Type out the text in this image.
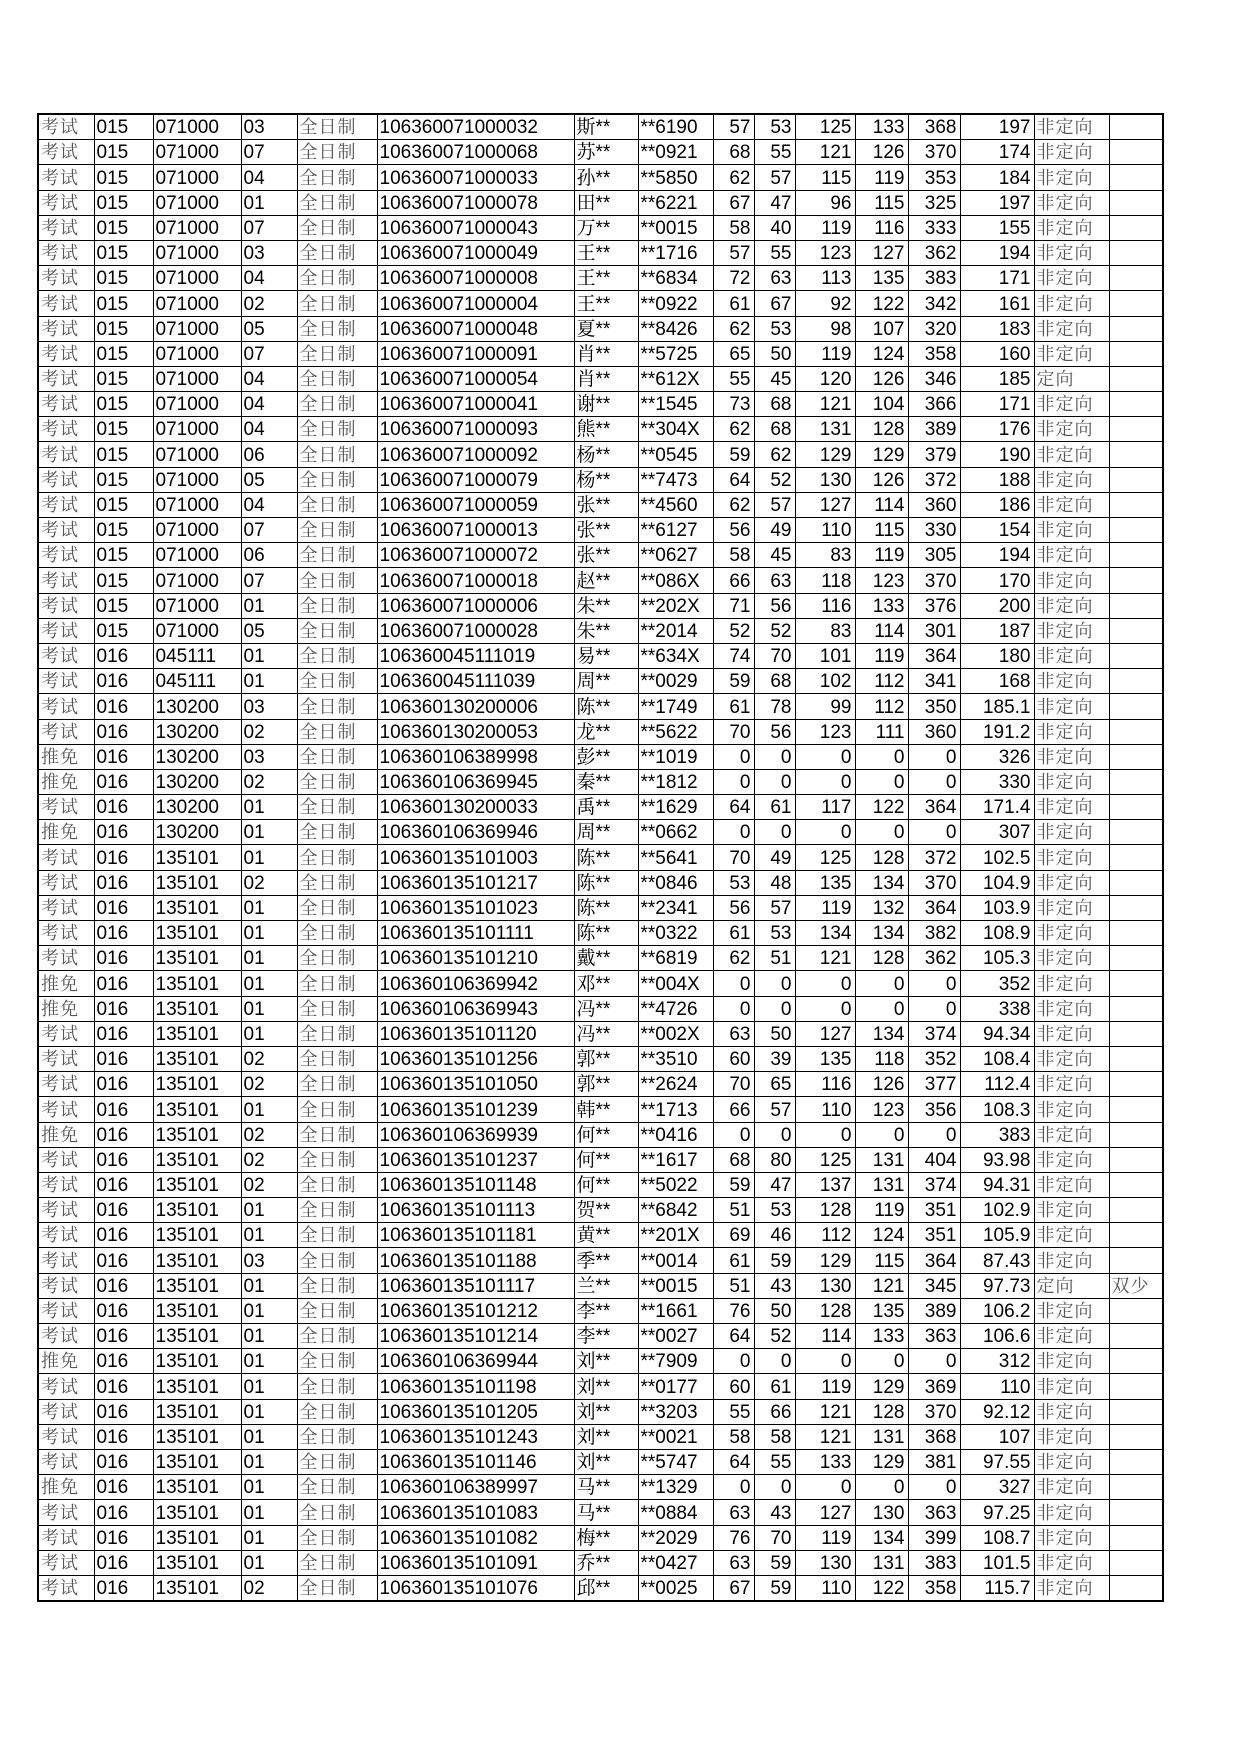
考试	015	071000	03	全日制	106360071000032	斯**	**6190	57	53	125	133	368	197	非定向	
考试	015	071000	07	全日制	106360071000068	苏**	**0921	68	55	121	126	370	174	非定向	
考试	015	071000	04	全日制	106360071000033	孙**	**5850	62	57	115	119	353	184	非定向	
考试	015	071000	01	全日制	106360071000078	田**	**6221	67	47	96	115	325	197	非定向	
考试	015	071000	07	全日制	106360071000043	万**	**0015	58	40	119	116	333	155	非定向	
考试	015	071000	03	全日制	106360071000049	王**	**1716	57	55	123	127	362	194	非定向	
考试	015	071000	04	全日制	106360071000008	王**	**6834	72	63	113	135	383	171	非定向	
考试	015	071000	02	全日制	106360071000004	王**	**0922	61	67	92	122	342	161	非定向	
考试	015	071000	05	全日制	106360071000048	夏**	**8426	62	53	98	107	320	183	非定向	
考试	015	071000	07	全日制	106360071000091	肖**	**5725	65	50	119	124	358	160	非定向	
考试	015	071000	04	全日制	106360071000054	肖**	**612X	55	45	120	126	346	185	定向	
考试	015	071000	04	全日制	106360071000041	谢**	**1545	73	68	121	104	366	171	非定向	
考试	015	071000	04	全日制	106360071000093	熊**	**304X	62	68	131	128	389	176	非定向	
考试	015	071000	06	全日制	106360071000092	杨**	**0545	59	62	129	129	379	190	非定向	
考试	015	071000	05	全日制	106360071000079	杨**	**7473	64	52	130	126	372	188	非定向	
考试	015	071000	04	全日制	106360071000059	张**	**4560	62	57	127	114	360	186	非定向	
考试	015	071000	07	全日制	106360071000013	张**	**6127	56	49	110	115	330	154	非定向	
考试	015	071000	06	全日制	106360071000072	张**	**0627	58	45	83	119	305	194	非定向	
考试	015	071000	07	全日制	106360071000018	赵**	**086X	66	63	118	123	370	170	非定向	
考试	015	071000	01	全日制	106360071000006	朱**	**202X	71	56	116	133	376	200	非定向	
考试	015	071000	05	全日制	106360071000028	朱**	**2014	52	52	83	114	301	187	非定向	
考试	016	045111	01	全日制	106360045111019	易**	**634X	74	70	101	119	364	180	非定向	
考试	016	045111	01	全日制	106360045111039	周**	**0029	59	68	102	112	341	168	非定向	
考试	016	130200	03	全日制	106360130200006	陈**	**1749	61	78	99	112	350	185.1	非定向	
考试	016	130200	02	全日制	106360130200053	龙**	**5622	70	56	123	111	360	191.2	非定向	
推免	016	130200	03	全日制	106360106389998	彭**	**1019	0	0	0	0	0	326	非定向	
推免	016	130200	02	全日制	106360106369945	秦**	**1812	0	0	0	0	0	330	非定向	
考试	016	130200	01	全日制	106360130200033	禹**	**1629	64	61	117	122	364	171.4	非定向	
推免	016	130200	01	全日制	106360106369946	周**	**0662	0	0	0	0	0	307	非定向	
考试	016	135101	01	全日制	106360135101003	陈**	**5641	70	49	125	128	372	102.5	非定向	
考试	016	135101	02	全日制	106360135101217	陈**	**0846	53	48	135	134	370	104.9	非定向	
考试	016	135101	01	全日制	106360135101023	陈**	**2341	56	57	119	132	364	103.9	非定向	
考试	016	135101	01	全日制	106360135101111	陈**	**0322	61	53	134	134	382	108.9	非定向	
考试	016	135101	01	全日制	106360135101210	戴**	**6819	62	51	121	128	362	105.3	非定向	
推免	016	135101	01	全日制	106360106369942	邓**	**004X	0	0	0	0	0	352	非定向	
推免	016	135101	01	全日制	106360106369943	冯**	**4726	0	0	0	0	0	338	非定向	
考试	016	135101	01	全日制	106360135101120	冯**	**002X	63	50	127	134	374	94.34	非定向	
考试	016	135101	02	全日制	106360135101256	郭**	**3510	60	39	135	118	352	108.4	非定向	
考试	016	135101	02	全日制	106360135101050	郭**	**2624	70	65	116	126	377	112.4	非定向	
考试	016	135101	01	全日制	106360135101239	韩**	**1713	66	57	110	123	356	108.3	非定向	
推免	016	135101	02	全日制	106360106369939	何**	**0416	0	0	0	0	0	383	非定向	
考试	016	135101	02	全日制	106360135101237	何**	**1617	68	80	125	131	404	93.98	非定向	
考试	016	135101	02	全日制	106360135101148	何**	**5022	59	47	137	131	374	94.31	非定向	
考试	016	135101	01	全日制	106360135101113	贺**	**6842	51	53	128	119	351	102.9	非定向	
考试	016	135101	01	全日制	106360135101181	黄**	**201X	69	46	112	124	351	105.9	非定向	
考试	016	135101	03	全日制	106360135101188	季**	**0014	61	59	129	115	364	87.43	非定向	
考试	016	135101	01	全日制	106360135101117	兰**	**0015	51	43	130	121	345	97.73	定向	双少
考试	016	135101	01	全日制	106360135101212	李**	**1661	76	50	128	135	389	106.2	非定向	
考试	016	135101	01	全日制	106360135101214	李**	**0027	64	52	114	133	363	106.6	非定向	
推免	016	135101	01	全日制	106360106369944	刘**	**7909	0	0	0	0	0	312	非定向	
考试	016	135101	01	全日制	106360135101198	刘**	**0177	60	61	119	129	369	110	非定向	
考试	016	135101	01	全日制	106360135101205	刘**	**3203	55	66	121	128	370	92.12	非定向	
考试	016	135101	01	全日制	106360135101243	刘**	**0021	58	58	121	131	368	107	非定向	
考试	016	135101	01	全日制	106360135101146	刘**	**5747	64	55	133	129	381	97.55	非定向	
推免	016	135101	01	全日制	106360106389997	马**	**1329	0	0	0	0	0	327	非定向	
考试	016	135101	01	全日制	106360135101083	马**	**0884	63	43	127	130	363	97.25	非定向	
考试	016	135101	01	全日制	106360135101082	梅**	**2029	76	70	119	134	399	108.7	非定向	
考试	016	135101	01	全日制	106360135101091	乔**	**0427	63	59	130	131	383	101.5	非定向	
考试	016	135101	02	全日制	106360135101076	邱**	**0025	67	59	110	122	358	115.7	非定向	
